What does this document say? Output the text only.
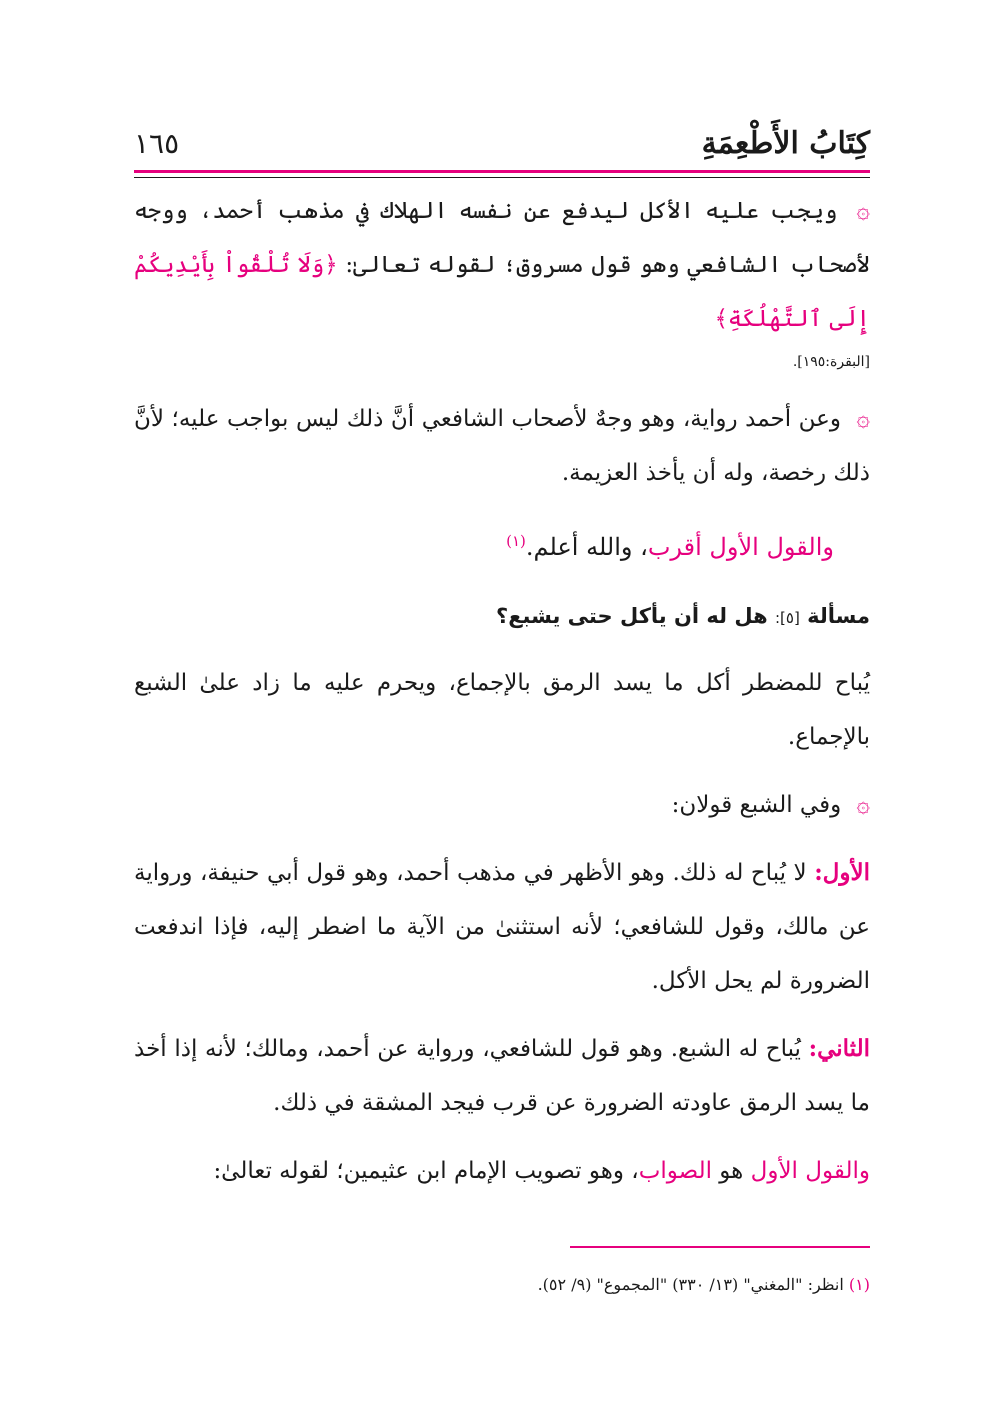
كِتَابُ الأَطْعِمَةِ
١٦٥

۞ ويجب عليه الأكل ليدفع عن نفسه الهلاك في مذهب أحمد، ووجه لأصحاب الشافعي وهو قول مسروق؛ لقوله تعالىٰ: ﴿وَلَا تُلْقُواْ بِأَيْدِيكُمْ إِلَى ٱلتَّهْلُكَةِ﴾

[البقرة:١٩٥].

۞ وعن أحمد رواية، وهو وجهٌ لأصحاب الشافعي أنَّ ذلك ليس بواجب عليه؛ لأنَّ ذلك رخصة، وله أن يأخذ العزيمة.

والقول الأول أقرب، والله أعلم.$^{(١)}$

مسألة [٥]: هل له أن يأكل حتى يشبع؟

يُباح للمضطر أكل ما يسد الرمق بالإجماع، ويحرم عليه ما زاد علىٰ الشبع بالإجماع.

۞ وفي الشبع قولان:

الأول: لا يُباح له ذلك. وهو الأظهر في مذهب أحمد، وهو قول أبي حنيفة، ورواية عن مالك، وقول للشافعي؛ لأنه استثنىٰ من الآية ما اضطر إليه، فإذا اندفعت الضرورة لم يحل الأكل.

الثاني: يُباح له الشبع. وهو قول للشافعي، ورواية عن أحمد، ومالك؛ لأنه إذا أخذ ما يسد الرمق عاودته الضرورة عن قرب فيجد المشقة في ذلك.

والقول الأول هو الصواب، وهو تصويب الإمام ابن عثيمين؛ لقوله تعالىٰ:

(١) انظر: "المغني" (١٣/ ٣٣٠) "المجموع" (٩/ ٥٢).
